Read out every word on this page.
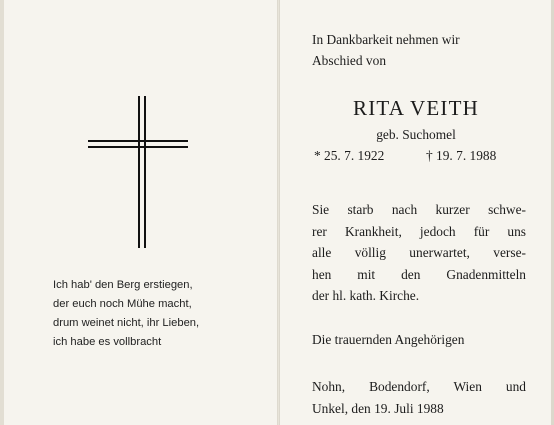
Ich hab' den Berg erstiegen,
der euch noch Mühe macht,
drum weinet nicht, ihr Lieben,
ich habe es vollbracht
In Dankbarkeit nehmen wir
Abschied von
RITA VEITH
geb. Suchomel
* 25. 7. 1922	† 19. 7. 1988
Sie starb nach kurzer schwe-
rer Krankheit, jedoch für uns
alle völlig unerwartet, verse-
hen mit den Gnadenmitteln
der hl. kath. Kirche.
Die trauernden Angehörigen
Nohn, Bodendorf, Wien und
Unkel, den 19. Juli 1988
